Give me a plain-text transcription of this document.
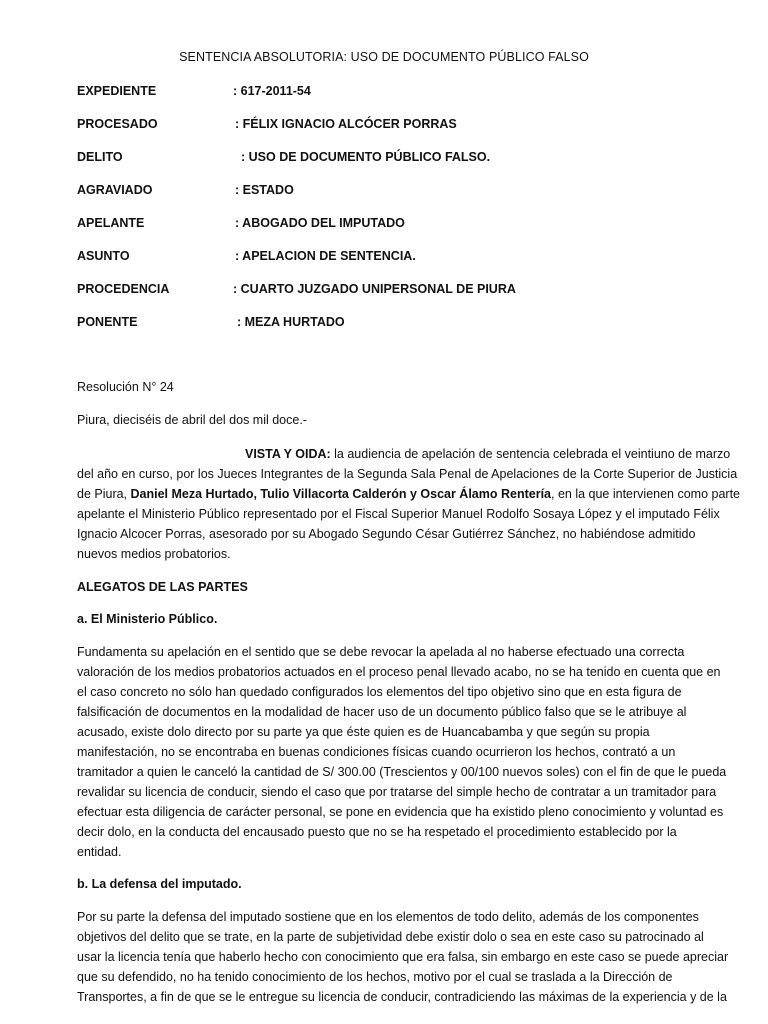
SENTENCIA ABSOLUTORIA: USO DE DOCUMENTO PÚBLICO FALSO
EXPEDIENTE	: 617-2011-54
PROCESADO	: FÉLIX IGNACIO ALCÓCER PORRAS
DELITO	: USO DE DOCUMENTO PÚBLICO FALSO.
AGRAVIADO	: ESTADO
APELANTE	: ABOGADO DEL IMPUTADO
ASUNTO	: APELACION DE SENTENCIA.
PROCEDENCIA	: CUARTO JUZGADO UNIPERSONAL DE PIURA
PONENTE	: MEZA HURTADO
Resolución N° 24
Piura, dieciséis de abril del dos mil doce.-
VISTA Y OIDA: la audiencia de apelación de sentencia celebrada el veintiuno de marzo
del año en curso, por los Jueces Integrantes de la Segunda Sala Penal de Apelaciones de la Corte Superior de Justicia
de Piura, Daniel Meza Hurtado, Tulio Villacorta Calderón y Oscar Álamo Rentería, en la que intervienen como parte
apelante el Ministerio Público representado por el Fiscal Superior Manuel Rodolfo Sosaya López y el imputado Félix
Ignacio Alcocer Porras, asesorado por su Abogado Segundo César Gutiérrez Sánchez, no habiéndose admitido
nuevos medios probatorios.
ALEGATOS DE LAS PARTES
a. El Ministerio Público.
Fundamenta su apelación en el sentido que se debe revocar la apelada al no haberse efectuado una correcta
valoración de los medios probatorios actuados en el proceso penal llevado acabo, no se ha tenido en cuenta que en
el caso concreto no sólo han quedado configurados los elementos del tipo objetivo sino que en esta figura de
falsificación de documentos en la modalidad de hacer uso de un documento público falso que se le atribuye al
acusado, existe dolo directo por su parte ya que éste quien es de Huancabamba y que según su propia
manifestación, no se encontraba en buenas condiciones físicas cuando ocurrieron los hechos, contrató a un
tramitador a quien le canceló la cantidad de S/ 300.00 (Trescientos y 00/100 nuevos soles) con el fin de que le pueda
revalidar su licencia de conducir, siendo el caso que por tratarse del simple hecho de contratar a un tramitador para
efectuar esta diligencia de carácter personal, se pone en evidencia que ha existido pleno conocimiento y voluntad es
decir dolo, en la conducta del encausado puesto que no se ha respetado el procedimiento establecido por la
entidad.
b. La defensa del imputado.
Por su parte la defensa del imputado sostiene que en los elementos de todo delito, además de los componentes
objetivos del delito que se trate, en la parte de subjetividad debe existir dolo o sea en este caso su patrocinado al
usar la licencia tenía que haberlo hecho con conocimiento que era falsa, sin embargo en este caso se puede apreciar
que su defendido, no ha tenido conocimiento de los hechos, motivo por el cual se traslada a la Dirección de
Transportes, a fin de que se le entregue su licencia de conducir, contradiciendo las máximas de la experiencia y de la
